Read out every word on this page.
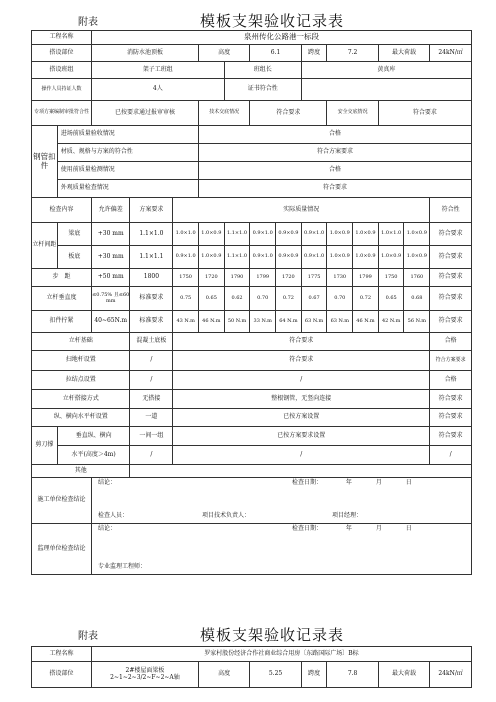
附表	模板支架验收记录表
工程名称		泉州传化公路港一标段												
搭设部位		消防水池顶板			高度		6.1		跨度	7.2		最大荷载		24kN/㎡
搭设班组		架子工班组				班组长			黄真库					
操作人员持证人数		4人				证书符合性								
专项方案编制审批符合性		已按要求通过报审审核			技术交底情况		符合要求			安全交底情况		符合要求		
钢管扣件	进场前质量验收情况				合格									
	材质、规格与方案的符合性				符合方案要求									
	使用前质量检测情况				合格									
	外观质量检查情况				符合要求									
检查内容		允许偏差	方案要求	实际质量情况										符合性
立杆间距	梁底	+30 mm	1.1×1.0	1.0×1.0	1.0×0.9	1.1×1.0	0.9×1.0	0.9×0.9	0.9×1.0	1.0×0.9	1.0×0.9	1.0×1.0	1.0×0.9	符合要求
	板底	+30 mm	1.1×1.1	0.9×1.0	1.0×0.9	1.1×1.0	0.9×1.0	0.9×0.9	0.9×1.0	1.0×0.9	1.0×0.9	1.0×0.9	1.0×0.9	符合要求
步　距		+50 mm	1800	1750	1720	1790	1799	1720	1775	1730	1799	1750	1760	符合要求
立杆垂直度		≤0.75% 且≤60 mm	标准要求	0.75	0.65	0.62	0.70	0.72	0.67	0.70	0.72	0.65	0.68	符合要求
扣件拧紧		40~65N.m	标准要求	43 N.m	46 N.m	50 N.m	33 N.m	64 N.m	63 N.m	63 N.m	46 N.m	42 N.m	56 N.m	符合要求
立杆基础			混凝土底板	符合要求										合格
扫地杆设置			/	符合要求										符合方案要求
拉结点设置			/	/										合格
立杆搭接方式			无搭接	整根钢管，无竖向连接										符合要求
纵、横向水平杆设置			一道	已按方案设置										符合要求
剪刀撑	垂直纵、横向		一间一组	已按方案要求设置										符合要求
	水平(高度＞4m)		/	/										/
其他														
施工单位检查结论		结论： 检查日期： 年 月 日
检查人员： 项目技术负责人： 项目经理：												

监理单位检查结论		结论： 检查日期： 年 月 日
专业监理工程师：												
附表	模板支架验收记录表
工程名称	罗家村股份经济合作社商业综合用房〔东路国际广场〕B标						
搭设部位	2#楼屋面梁板
2~1~2~3/2~F~2~A轴	高度	5.25	跨度	7.8	最大荷载	24kN/㎡
